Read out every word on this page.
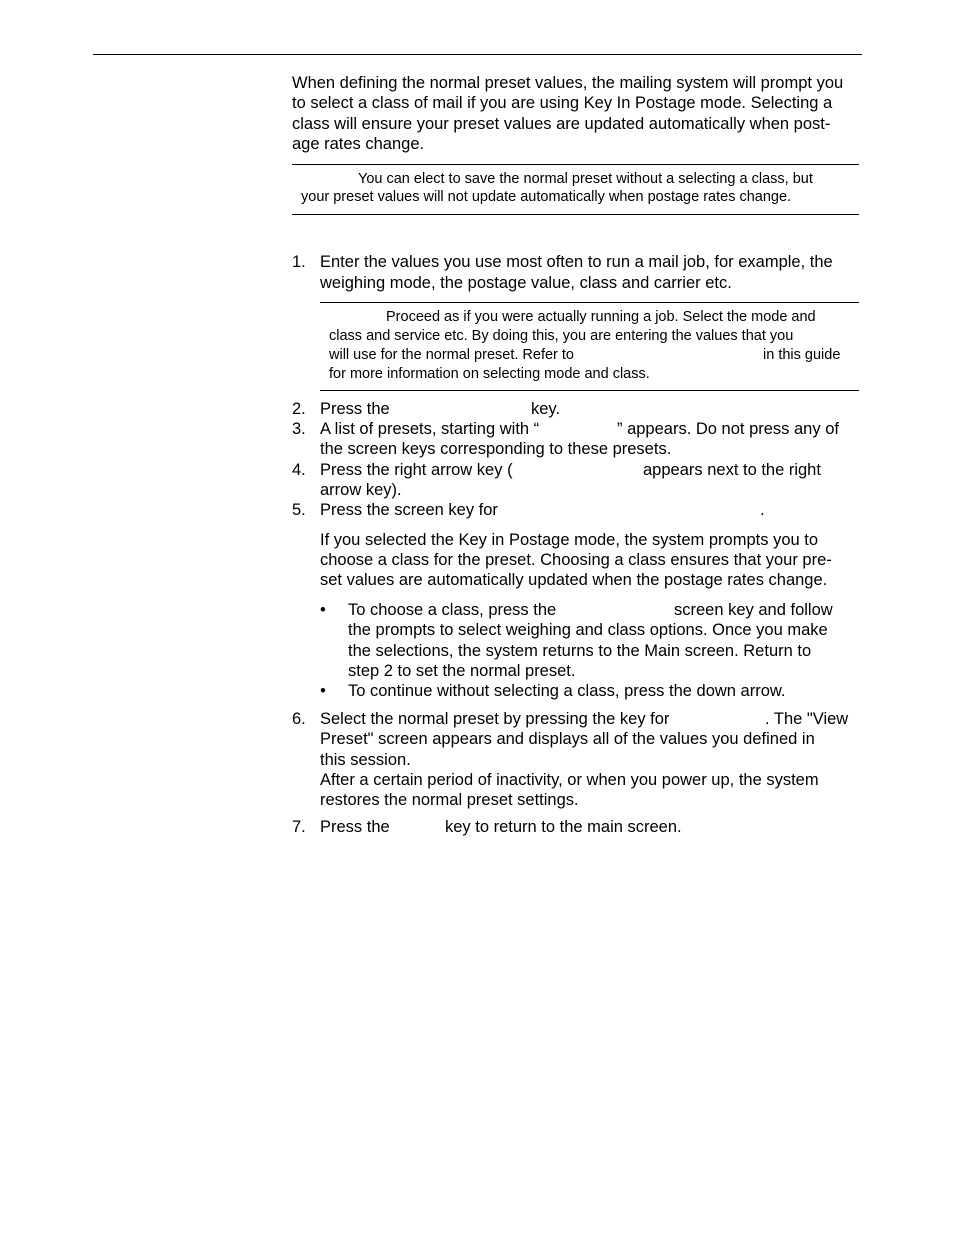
When defining the normal preset values, the mailing system will prompt you

to select a class of mail if you are using Key In Postage mode. Selecting a

class will ensure your preset values are updated automatically when post-

age rates change.

You can elect to save the normal preset without a selecting a class, but

your preset values will not update automatically when postage rates change.

1. Enter the values you use most often to run a mail job, for example, the

weighing mode, the postage value, class and carrier etc.

Proceed as if you were actually running a job. Select the mode and

class and service etc. By doing this, you are entering the values that you

will use for the normal preset. Refer to	in this guide

for more information on selecting mode and class.

2. Press the	key.

3. A list of presets, starting with “	” appears. Do not press any of

the screen keys corresponding to these presets.

4. Press the right arrow key (	appears next to the right

arrow key).

5. Press the screen key for	.

If you selected the Key in Postage mode, the system prompts you to

choose a class for the preset. Choosing a class ensures that your pre-

set values are automatically updated when the postage rates change.

• To choose a class, press the	screen key and follow

the prompts to select weighing and class options. Once you make

the selections, the system returns to the Main screen. Return to

step 2 to set the normal preset.

• To continue without selecting a class, press the down arrow.

6. Select the normal preset by pressing the key for	. The "View

Preset" screen appears and displays all of the values you defined in

this session.

After a certain period of inactivity, or when you power up, the system

restores the normal preset settings.

7. Press the	key to return to the main screen.
